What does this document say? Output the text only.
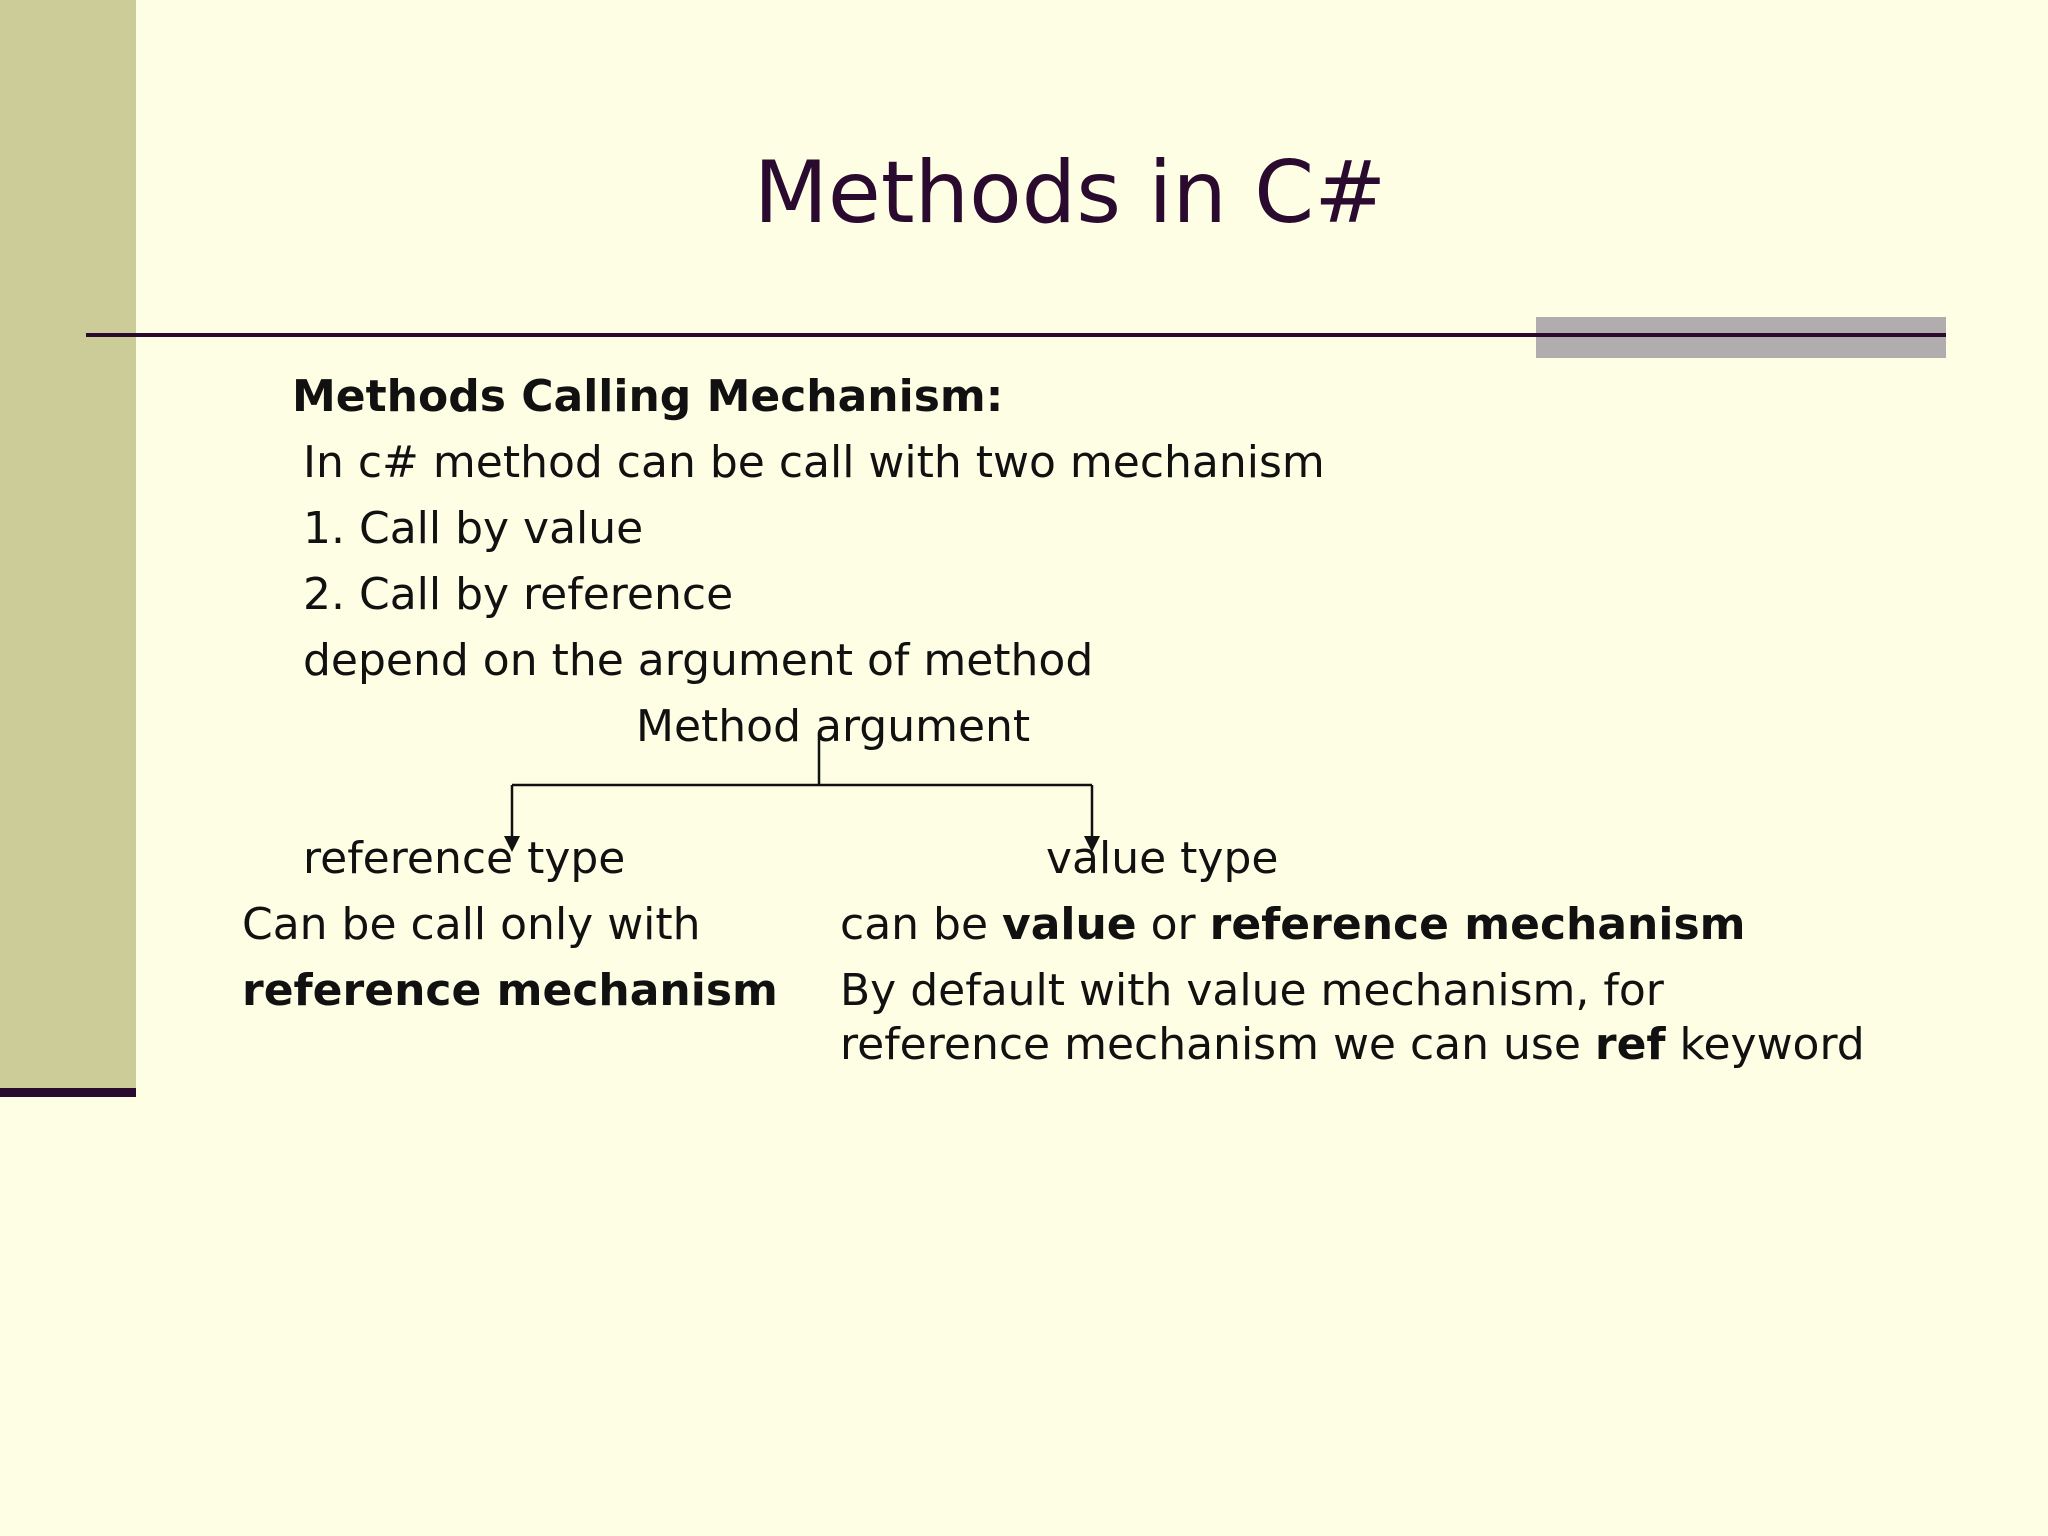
Methods in C#
Methods Calling Mechanism:
In c# method can be call with two mechanism
1. Call by value
2. Call by reference
depend on the argument of method
Method argument
reference type	value type
Can be call only with
reference mechanism
can be value or reference mechanism
By default with value mechanism, for
reference mechanism we can use ref keyword
